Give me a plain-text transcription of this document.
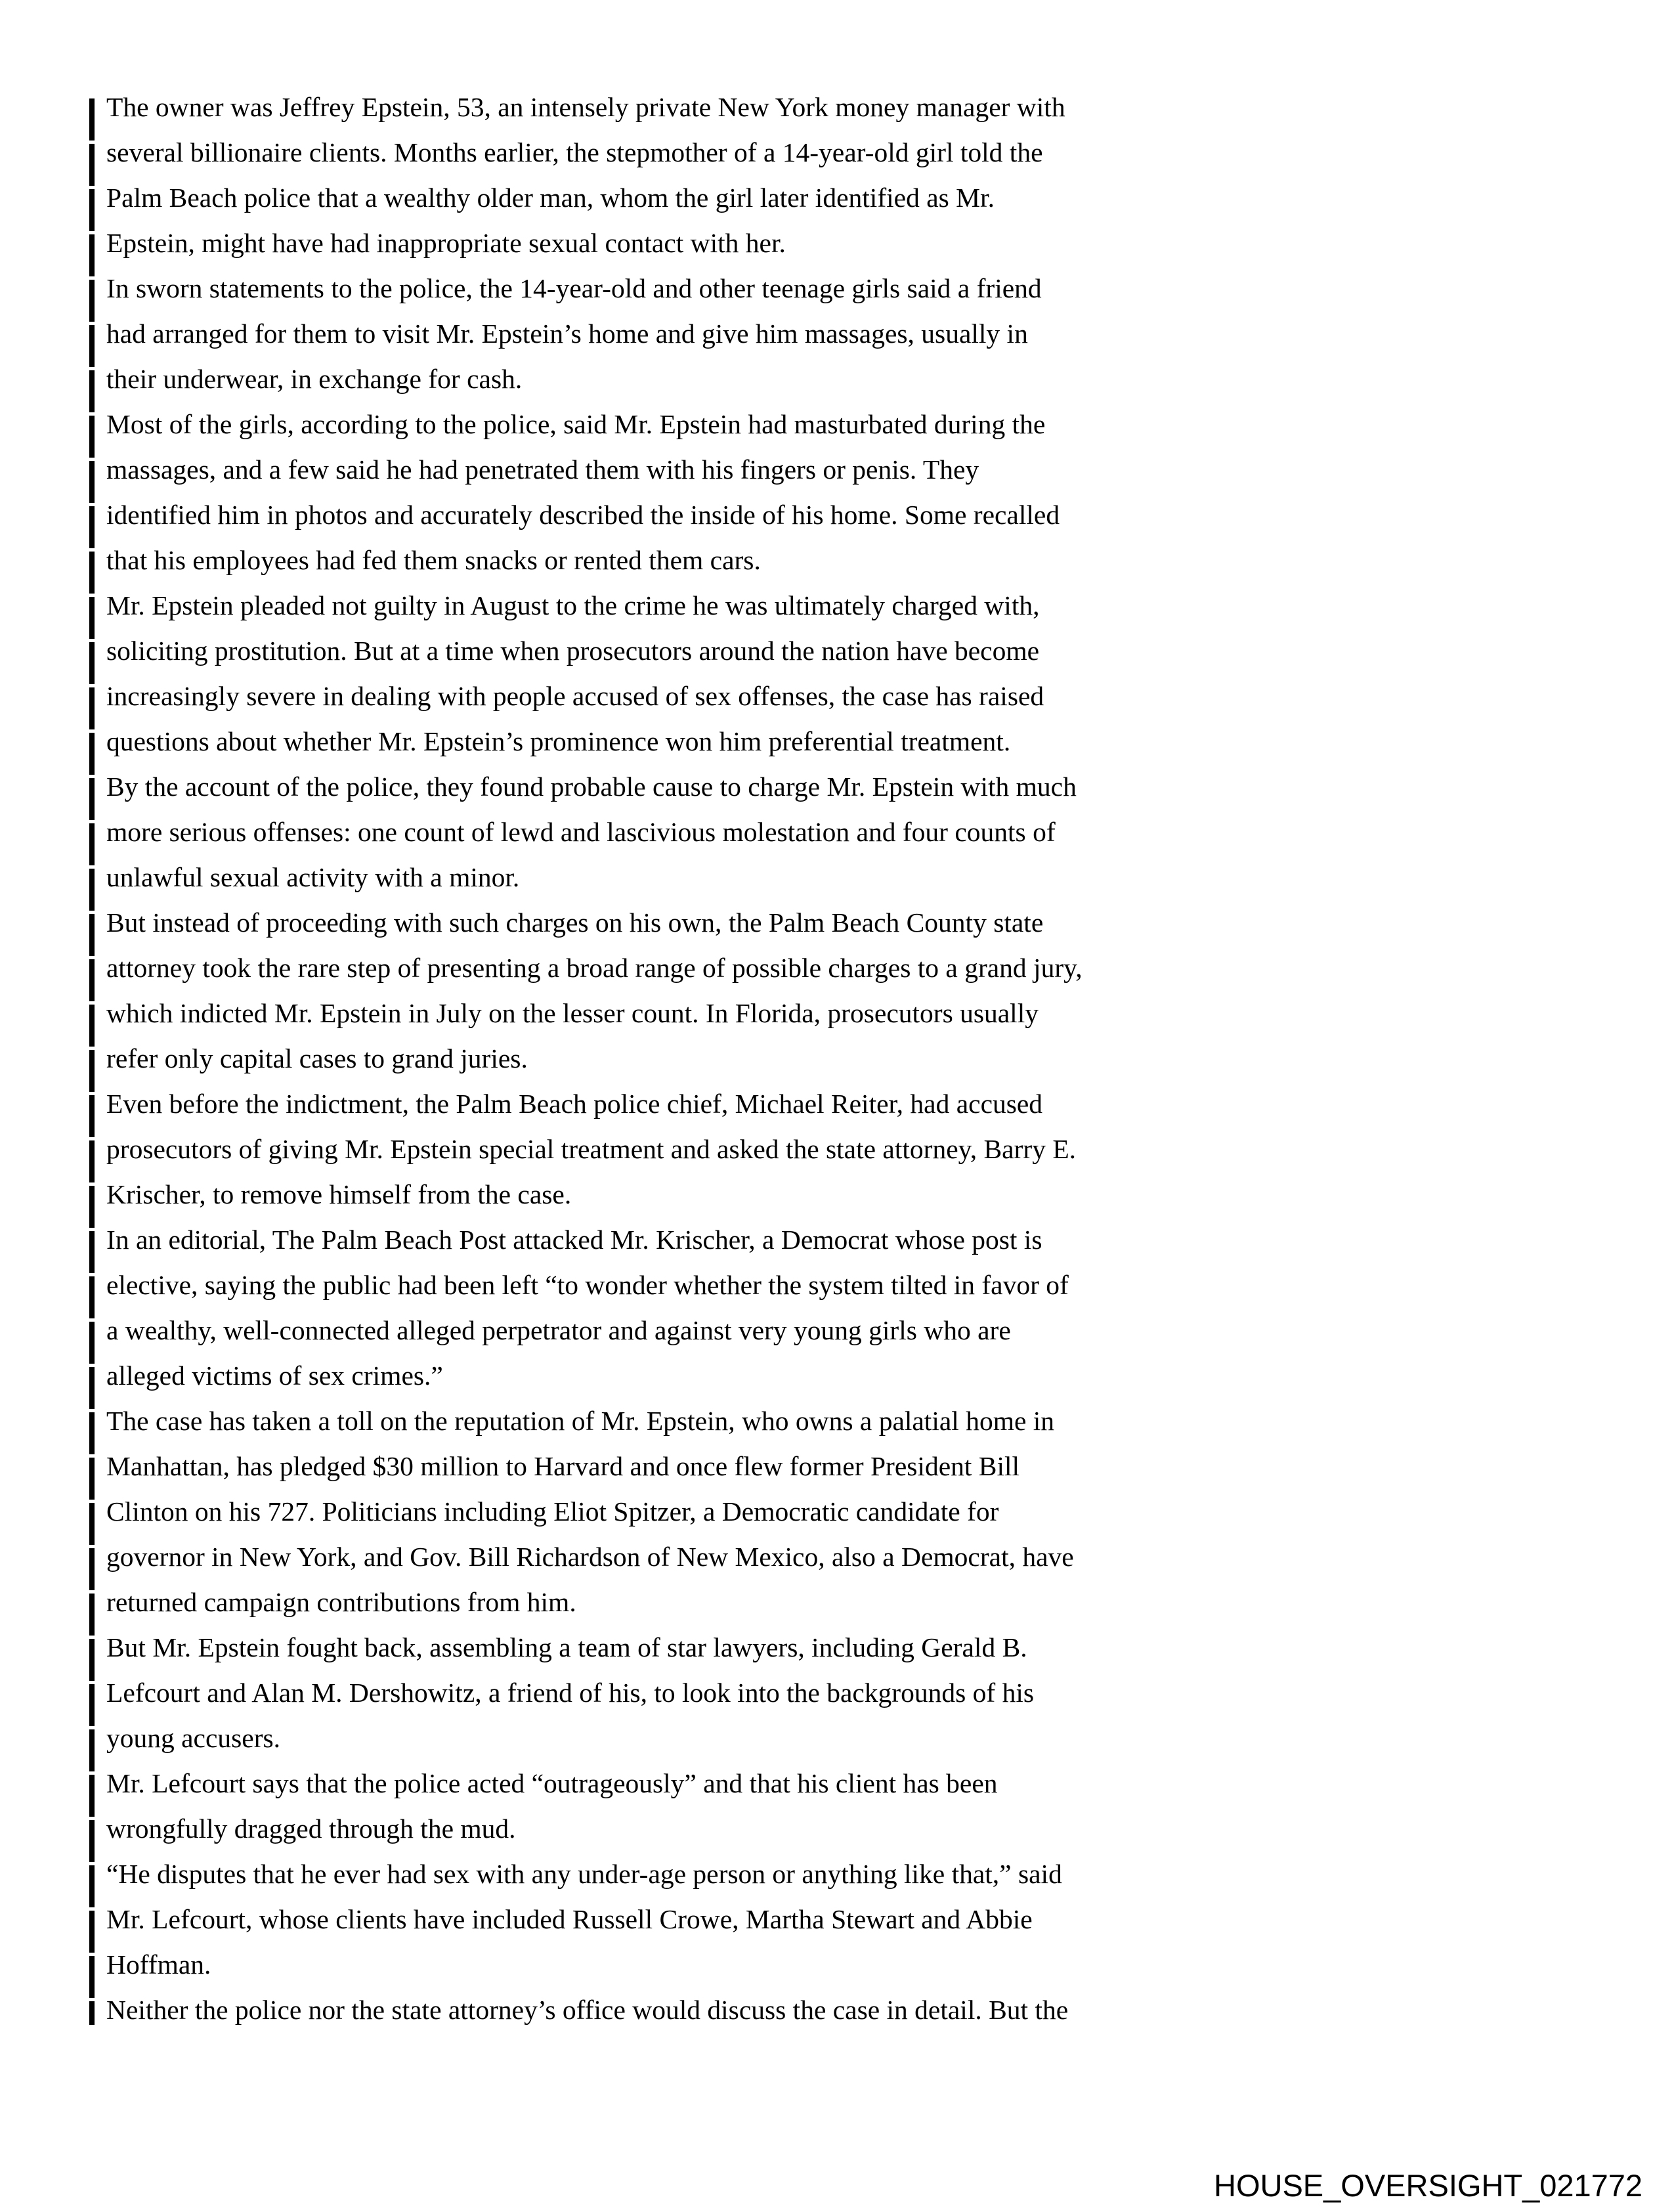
The owner was Jeffrey Epstein, 53, an intensely private New York money manager with
several billionaire clients. Months earlier, the stepmother of a 14-year-old girl told the
Palm Beach police that a wealthy older man, whom the girl later identified as Mr.
Epstein, might have had inappropriate sexual contact with her.
In sworn statements to the police, the 14-year-old and other teenage girls said a friend
had arranged for them to visit Mr. Epstein’s home and give him massages, usually in
their underwear, in exchange for cash.
Most of the girls, according to the police, said Mr. Epstein had masturbated during the
massages, and a few said he had penetrated them with his fingers or penis. They
identified him in photos and accurately described the inside of his home. Some recalled
that his employees had fed them snacks or rented them cars.
Mr. Epstein pleaded not guilty in August to the crime he was ultimately charged with,
soliciting prostitution. But at a time when prosecutors around the nation have become
increasingly severe in dealing with people accused of sex offenses, the case has raised
questions about whether Mr. Epstein’s prominence won him preferential treatment.
By the account of the police, they found probable cause to charge Mr. Epstein with much
more serious offenses: one count of lewd and lascivious molestation and four counts of
unlawful sexual activity with a minor.
But instead of proceeding with such charges on his own, the Palm Beach County state
attorney took the rare step of presenting a broad range of possible charges to a grand jury,
which indicted Mr. Epstein in July on the lesser count. In Florida, prosecutors usually
refer only capital cases to grand juries.
Even before the indictment, the Palm Beach police chief, Michael Reiter, had accused
prosecutors of giving Mr. Epstein special treatment and asked the state attorney, Barry E.
Krischer, to remove himself from the case.
In an editorial, The Palm Beach Post attacked Mr. Krischer, a Democrat whose post is
elective, saying the public had been left “to wonder whether the system tilted in favor of
a wealthy, well-connected alleged perpetrator and against very young girls who are
alleged victims of sex crimes.”
The case has taken a toll on the reputation of Mr. Epstein, who owns a palatial home in
Manhattan, has pledged $30 million to Harvard and once flew former President Bill
Clinton on his 727. Politicians including Eliot Spitzer, a Democratic candidate for
governor in New York, and Gov. Bill Richardson of New Mexico, also a Democrat, have
returned campaign contributions from him.
But Mr. Epstein fought back, assembling a team of star lawyers, including Gerald B.
Lefcourt and Alan M. Dershowitz, a friend of his, to look into the backgrounds of his
young accusers.
Mr. Lefcourt says that the police acted “outrageously” and that his client has been
wrongfully dragged through the mud.
“He disputes that he ever had sex with any under-age person or anything like that,” said
Mr. Lefcourt, whose clients have included Russell Crowe, Martha Stewart and Abbie
Hoffman.
Neither the police nor the state attorney’s office would discuss the case in detail. But the
HOUSE_OVERSIGHT_021772
